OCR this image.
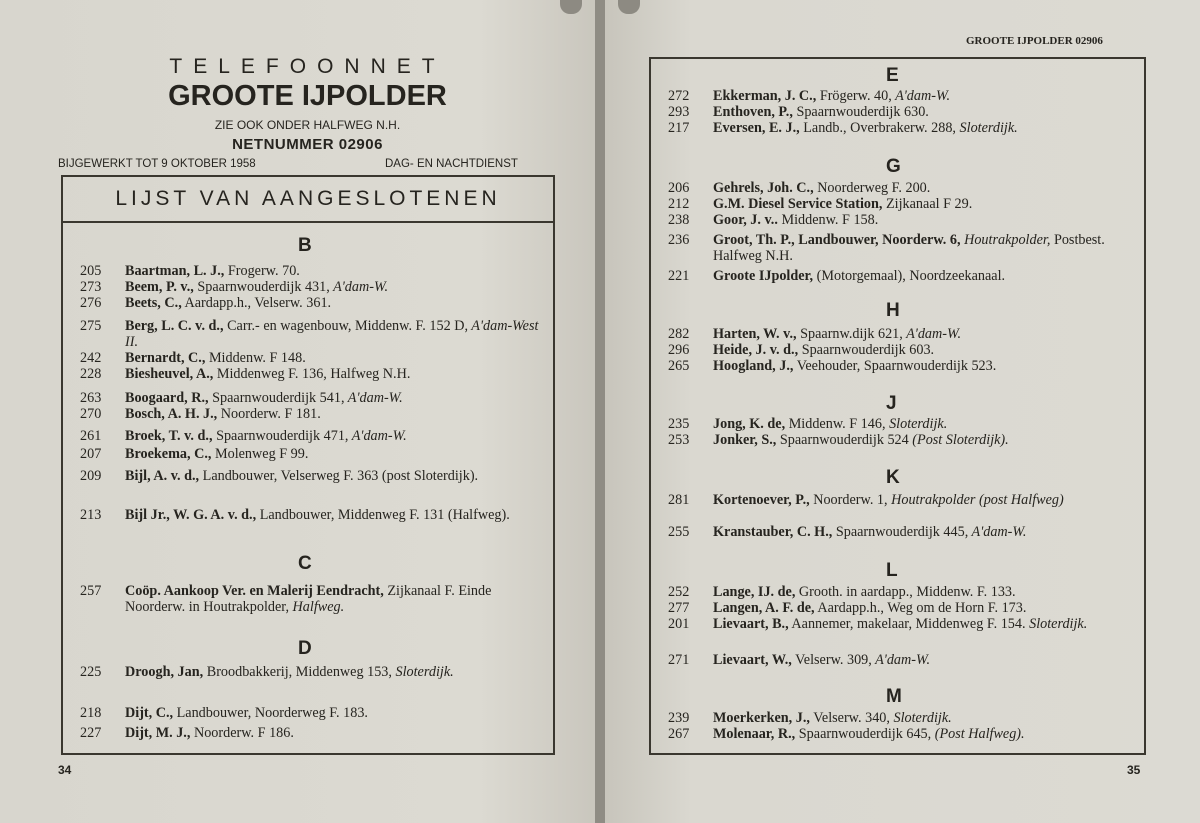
TELEFOONNET
GROOTE IJPOLDER
ZIE OOK ONDER HALFWEG N.H.
NETNUMMER 02906
BIJGEWERKT TOT 9 OKTOBER 1958	DAG- EN NACHTDIENST
LIJST VAN AANGESLOTENEN
GROOTE IJPOLDER 02906
34	35
B
205	Baartman, L. J., Frogerw. 70.
273	Beem, P. v., Spaarnwouderdijk 431, A'dam-W.
276	Beets, C., Aardapp.h., Velserw. 361.
275	Berg, L. C. v. d., Carr.- en wagenbouw, Middenw. F. 152 D, A'dam-West II.
242	Bernardt, C., Middenw. F 148.
228	Biesheuvel, A., Middenweg F. 136, Halfweg N.H.
263	Boogaard, R., Spaarnwouderdijk 541, A'dam-W.
270	Bosch, A. H. J., Noorderw. F 181.
261	Broek, T. v. d., Spaarnwouderdijk 471, A'dam-W.
207	Broekema, C., Molenweg F 99.
209	Bijl, A. v. d., Landbouwer, Velserweg F. 363 (post Sloterdijk).
213	Bijl Jr., W. G. A. v. d., Landbouwer, Middenweg F. 131 (Halfweg).
C
257	Coöp. Aankoop Ver. en Malerij Eendracht, Zijkanaal F. Einde Noorderw. in Houtrakpolder, Halfweg.
D
225	Droogh, Jan, Broodbakkerij, Middenweg 153, Sloterdijk.
218	Dijt, C., Landbouwer, Noorderweg F. 183.
227	Dijt, M. J., Noorderw. F 186.
E
272	Ekkerman, J. C., Frögerw. 40, A'dam-W.
293	Enthoven, P., Spaarnwouderdijk 630.
217	Eversen, E. J., Landb., Overbrakerw. 288, Sloterdijk.
G
206	Gehrels, Joh. C., Noorderweg F. 200.
212	G.M. Diesel Service Station, Zijkanaal F 29.
238	Goor, J. v.. Middenw. F 158.
236	Groot, Th. P., Landbouwer, Noorderw. 6, Houtrakpolder, Postbest. Halfweg N.H.
221	Groote IJpolder, (Motorgemaal), Noordzeekanaal.
H
282	Harten, W. v., Spaarnw.dijk 621, A'dam-W.
296	Heide, J. v. d., Spaarnwouderdijk 603.
265	Hoogland, J., Veehouder, Spaarnwouderdijk 523.
J
235	Jong, K. de, Middenw. F 146, Sloterdijk.
253	Jonker, S., Spaarnwouderdijk 524 (Post Sloterdijk).
K
281	Kortenoever, P., Noorderw. 1, Houtrakpolder (post Halfweg)
255	Kranstauber, C. H., Spaarnwouderdijk 445, A'dam-W.
L
252	Lange, IJ. de, Grooth. in aardapp., Middenw. F. 133.
277	Langen, A. F. de, Aardapp.h., Weg om de Horn F. 173.
201	Lievaart, B., Aannemer, makelaar, Middenweg F. 154. Sloterdijk.
271	Lievaart, W., Velserw. 309, A'dam-W.
M
239	Moerkerken, J., Velserw. 340, Sloterdijk.
267	Molenaar, R., Spaarnwouderdijk 645, (Post Halfweg).
